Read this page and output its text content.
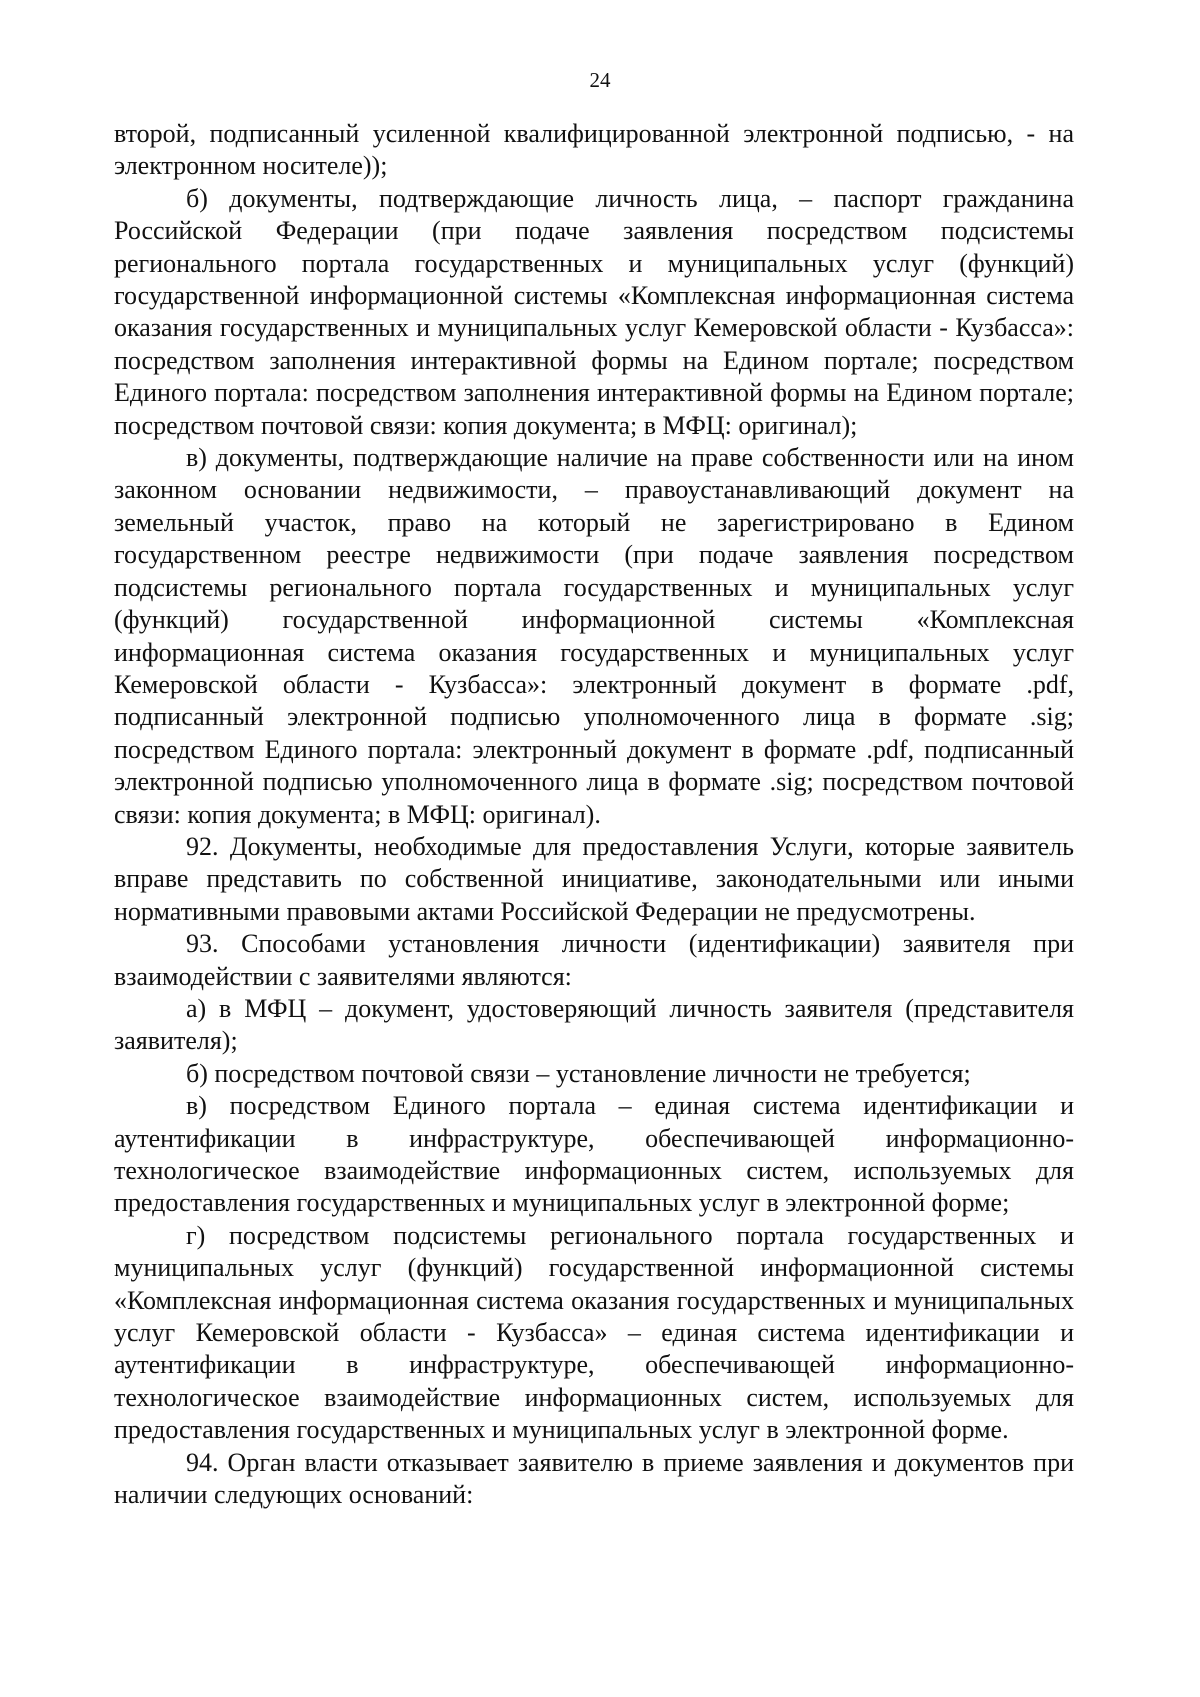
24

второй, подписанный усиленной квалифицированной электронной подписью, - на электронном носителе));

б) документы, подтверждающие личность лица, – паспорт гражданина Российской Федерации (при подаче заявления посредством подсистемы регионального портала государственных и муниципальных услуг (функций) государственной информационной системы «Комплексная информационная система оказания государственных и муниципальных услуг Кемеровской области - Кузбасса»: посредством заполнения интерактивной формы на Едином портале; посредством Единого портала: посредством заполнения интерактивной формы на Едином портале; посредством почтовой связи: копия документа; в МФЦ: оригинал);

в) документы, подтверждающие наличие на праве собственности или на ином законном основании недвижимости, – правоустанавливающий документ на земельный участок, право на который не зарегистрировано в Едином государственном реестре недвижимости (при подаче заявления посредством подсистемы регионального портала государственных и муниципальных услуг (функций) государственной информационной системы «Комплексная информационная система оказания государственных и муниципальных услуг Кемеровской области - Кузбасса»: электронный документ в формате .pdf, подписанный электронной подписью уполномоченного лица в формате .sig; посредством Единого портала: электронный документ в формате .pdf, подписанный электронной подписью уполномоченного лица в формате .sig; посредством почтовой связи: копия документа; в МФЦ: оригинал).

92. Документы, необходимые для предоставления Услуги, которые заявитель вправе представить по собственной инициативе, законодательными или иными нормативными правовыми актами Российской Федерации не предусмотрены.

93. Способами установления личности (идентификации) заявителя при взаимодействии с заявителями являются:

а) в МФЦ – документ, удостоверяющий личность заявителя (представителя заявителя);

б) посредством почтовой связи – установление личности не требуется;

в) посредством Единого портала – единая система идентификации и аутентификации в инфраструктуре, обеспечивающей информационно-технологическое взаимодействие информационных систем, используемых для предоставления государственных и муниципальных услуг в электронной форме;

г) посредством подсистемы регионального портала государственных и муниципальных услуг (функций) государственной информационной системы «Комплексная информационная система оказания государственных и муниципальных услуг Кемеровской области - Кузбасса» – единая система идентификации и аутентификации в инфраструктуре, обеспечивающей информационно-технологическое взаимодействие информационных систем, используемых для предоставления государственных и муниципальных услуг в электронной форме.

94. Орган власти отказывает заявителю в приеме заявления и документов при наличии следующих оснований:
